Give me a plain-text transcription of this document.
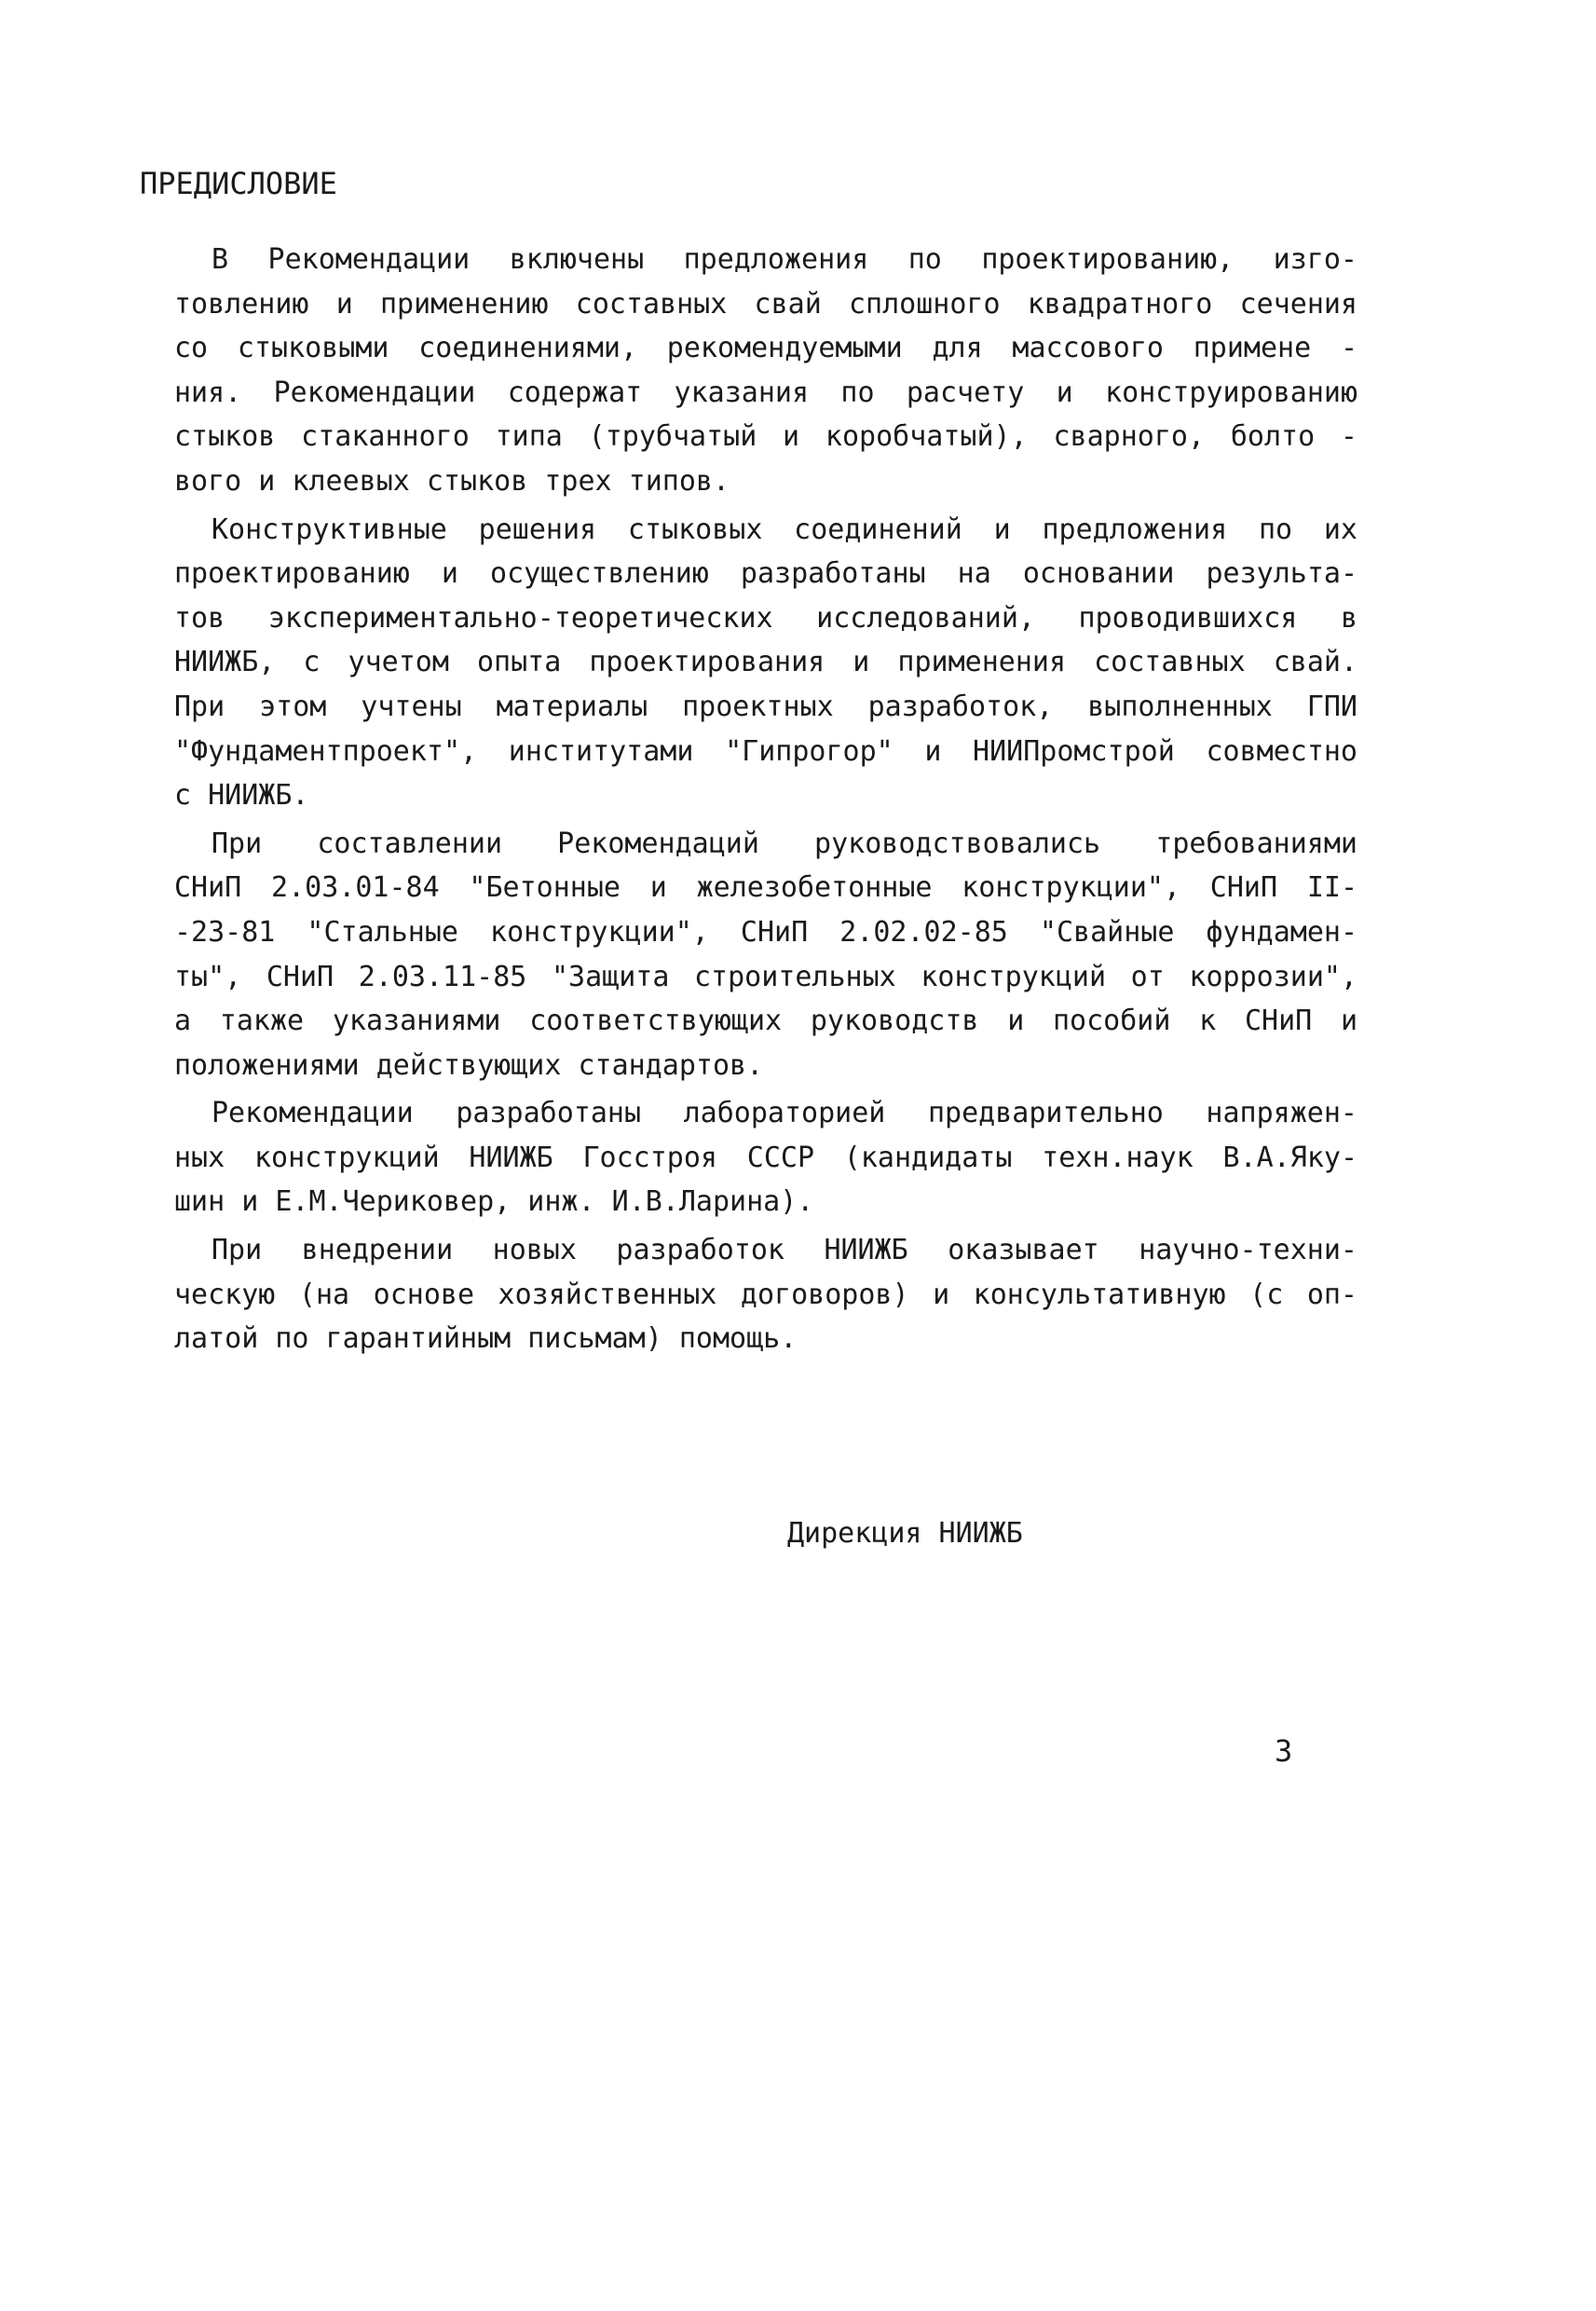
ПРЕДИСЛОВИЕ
В Рекомендации включены предложения по проектированию, изго-
товлению и применению составных свай сплошного квадратного сечения
со стыковыми соединениями, рекомендуемыми для массового примене -
ния. Рекомендации содержат указания по расчету и конструированию
стыков стаканного типа (трубчатый и коробчатый), сварного, болто -
вого и клеевых стыков трех типов.
Конструктивные решения стыковых соединений и предложения по их
проектированию и осуществлению разработаны на основании результа-
тов экспериментально-теоретических исследований, проводившихся в
НИИЖБ, с учетом опыта проектирования и применения составных свай.
При этом учтены материалы проектных разработок, выполненных ГПИ
"Фундаментпроект", институтами "Гипрогор" и НИИПромстрой совместно
с НИИЖБ.
При составлении Рекомендаций руководствовались требованиями
СНиП 2.03.01-84 "Бетонные и железобетонные конструкции", СНиП II-
-23-81 "Стальные конструкции", СНиП 2.02.02-85 "Свайные фундамен-
ты", СНиП 2.03.11-85 "Защита строительных конструкций от коррозии",
а также указаниями соответствующих руководств и пособий к СНиП и
положениями действующих стандартов.
Рекомендации разработаны лабораторией предварительно напряжен-
ных конструкций НИИЖБ Госстроя СССР (кандидаты техн.наук В.А.Яку-
шин и Е.М.Чериковер, инж. И.В.Ларина).
При внедрении новых разработок НИИЖБ оказывает научно-техни-
ческую (на основе хозяйственных договоров) и консультативную (с оп-
латой по гарантийным письмам) помощь.
Дирекция НИИЖБ
3
